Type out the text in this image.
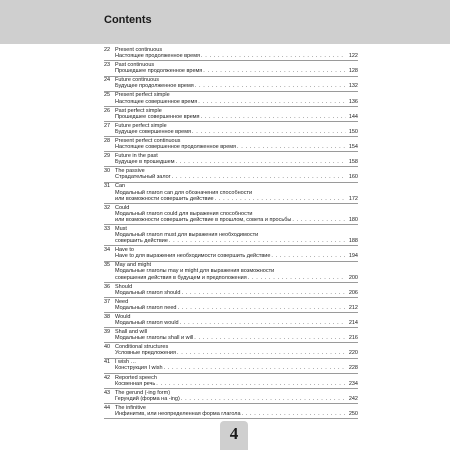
Contents
22 Present continuous
Настоящее продолженное время . . .	122
23 Past continuous
Прошедшее продолженное время . . .	128
24 Future continuous
Будущее продолженное время . . .	132
25 Present perfect simple
Настоящее совершенное время . . .	136
26 Past perfect simple
Прошедшее совершенное время . . .	144
27 Future perfect simple
Будущее совершенное время . . .	150
28 Present perfect continuous
Настоящее совершенное продолженное время . . .	154
29 Future in the past
Будущее в прошедшем . . .	158
30 The passive
Страдательный залог . . .	160
31 Can
Модальный глагол can для обозначения способности
или возможности совершить действие . . .	172
32 Could
Модальный глагол could для выражения способности
или возможности совершить действие в прошлом, совета и просьбы . . .	180
33 Must
Модальный глагол must для выражения необходимости
совершить действие . . .	188
34 Have to
Have to для выражения необходимости совершить действие . . .	194
35 May and might
Модальные глаголы may и might для выражения возможности
совершения действия в будущем и предположения . . .	200
36 Should
Модальный глагол should . . .	206
37 Need
Модальный глагол need . . .	212
38 Would
Модальный глагол would . . .	214
39 Shall and will
Модальные глаголы shall и will . . .	216
40 Conditional structures
Условные предложения . . .	220
41 I wish …
Конструкция I wish . . .	228
42 Reported speech
Косвенная речь . . .	234
43 The gerund (-ing form)
Герундий (форма на -ing) . . .	242
44 The infinitive
Инфинитив, или неопределенная форма глагола . . .	250
4
